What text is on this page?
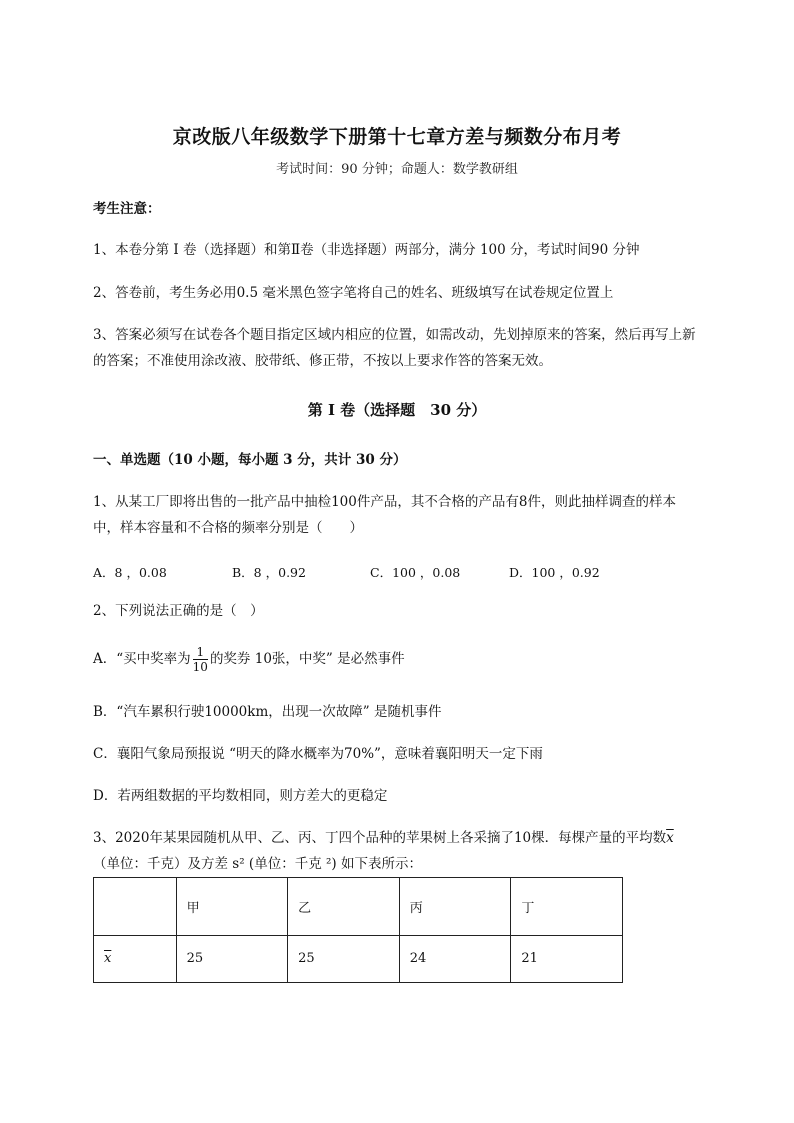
京改版八年级数学下册第十七章方差与频数分布月考
考试时间：90 分钟；命题人：数学教研组
考生注意：
1、本卷分第 I 卷（选择题）和第Ⅱ卷（非选择题）两部分，满分 100 分，考试时间90 分钟
2、答卷前，考生务必用0.5 毫米黑色签字笔将自己的姓名、班级填写在试卷规定位置上
3、答案必须写在试卷各个题目指定区域内相应的位置，如需改动，先划掉原来的答案，然后再写上新
的答案；不准使用涂改液、胶带纸、修正带，不按以上要求作答的答案无效。
第 I 卷（选择题　30 分）
一、单选题（10 小题，每小题 3 分，共计 30 分）
1、从某工厂即将出售的一批产品中抽检100件产品，其不合格的产品有8件，则此抽样调查的样本
中，样本容量和不合格的频率分别是（　　）
A．8 ，0.08	B．8 ，0.92	C．100 ，0.08	D．100 ，0.92
2、下列说法正确的是（　）
A．“买中奖率为 $\frac{1}{10}$ 的奖券 10张，中奖” 是必然事件
B．“汽车累积行驶10000km，出现一次故障” 是随机事件
C．襄阳气象局预报说 “明天的降水概率为70%”，意味着襄阳明天一定下雨
D．若两组数据的平均数相同，则方差大的更稳定
3、2020年某果园随机从甲、乙、丙、丁四个品种的苹果树上各采摘了10棵．每棵产量的平均数$\overline{x}$
（单位：千克）及方差 s² (单位：千克 ²) 如下表所示：
	甲	乙	丙	丁
$\overline{x}$	25	25	24	21
